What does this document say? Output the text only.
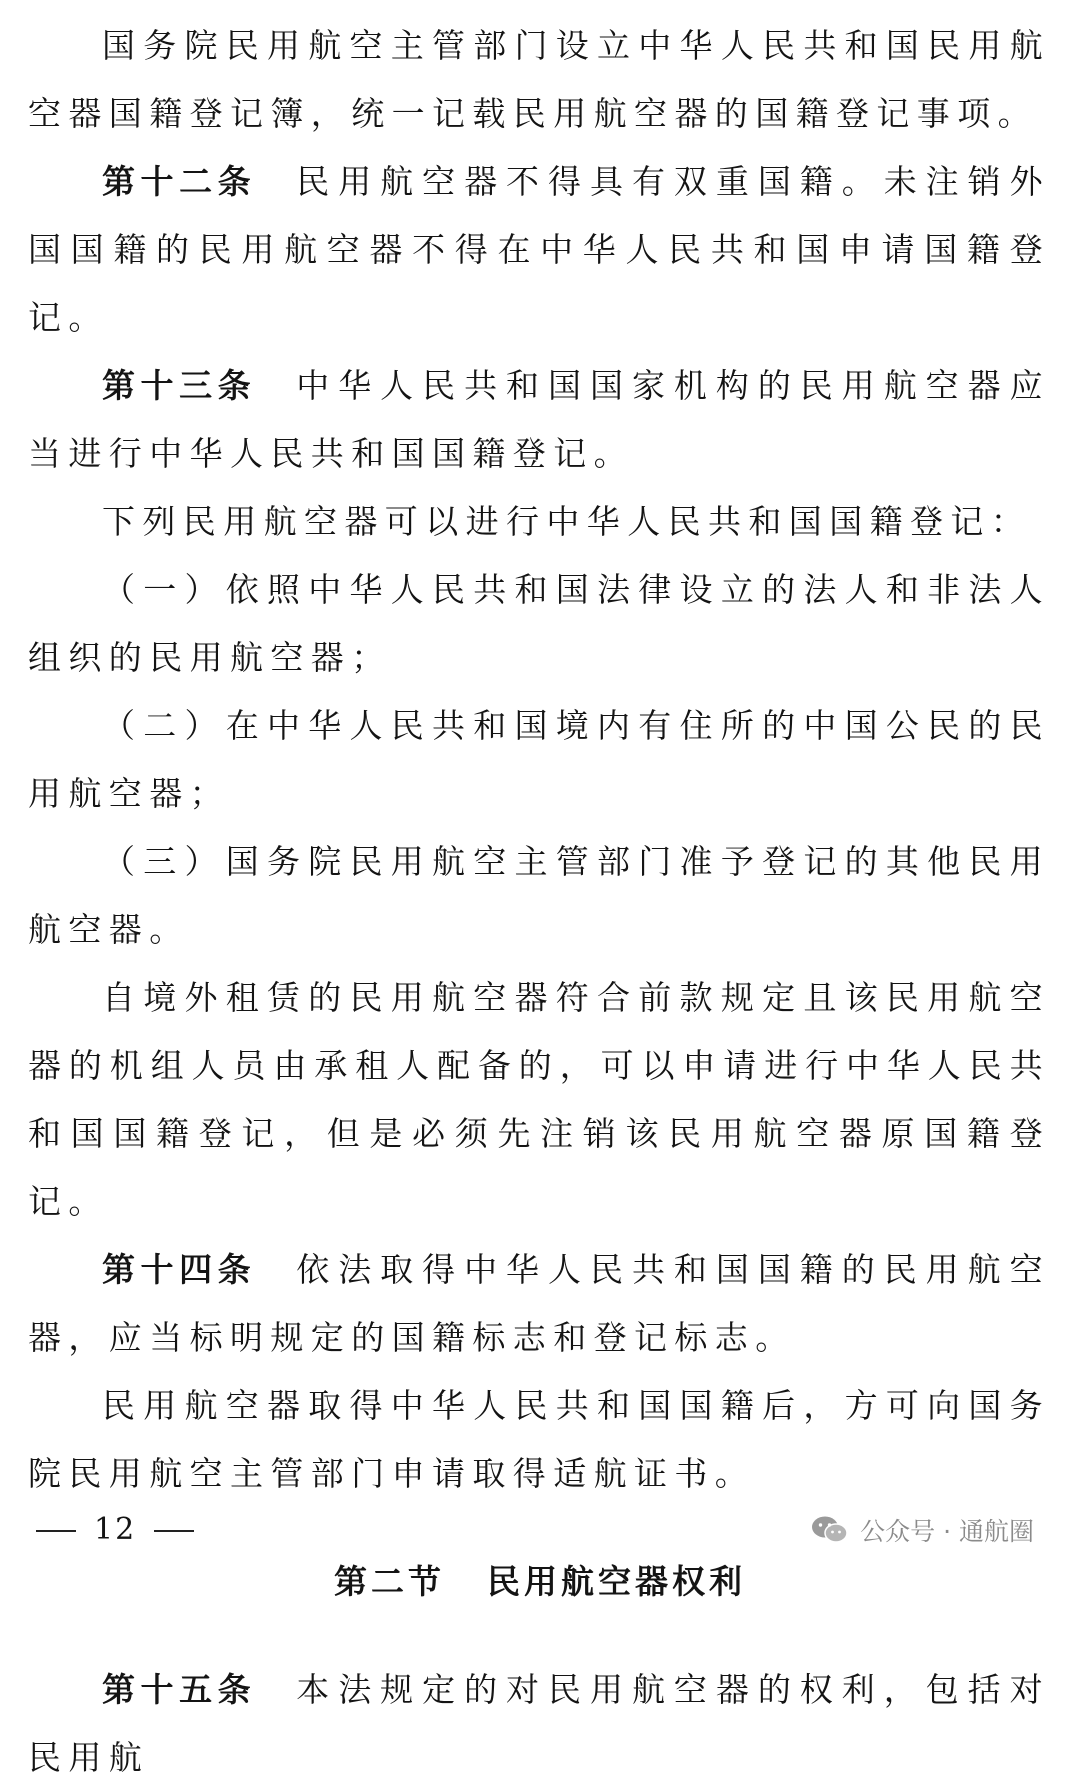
国务院民用航空主管部门设立中华人民共和国民用航空器国籍登记簿，统一记载民用航空器的国籍登记事项。

第十二条 民用航空器不得具有双重国籍。未注销外国国籍的民用航空器不得在中华人民共和国申请国籍登记。

第十三条 中华人民共和国国家机构的民用航空器应当进行中华人民共和国国籍登记。

下列民用航空器可以进行中华人民共和国国籍登记：

（一）依照中华人民共和国法律设立的法人和非法人组织的民用航空器；

（二）在中华人民共和国境内有住所的中国公民的民用航空器；

（三）国务院民用航空主管部门准予登记的其他民用航空器。

自境外租赁的民用航空器符合前款规定且该民用航空器的机组人员由承租人配备的，可以申请进行中华人民共和国国籍登记，但是必须先注销该民用航空器原国籍登记。

第十四条 依法取得中华人民共和国国籍的民用航空器，应当标明规定的国籍标志和登记标志。

民用航空器取得中华人民共和国国籍后，方可向国务院民用航空主管部门申请取得适航证书。

第二节 民用航空器权利

第十五条 本法规定的对民用航空器的权利，包括对民用航

12	公众号 · 通航圈
